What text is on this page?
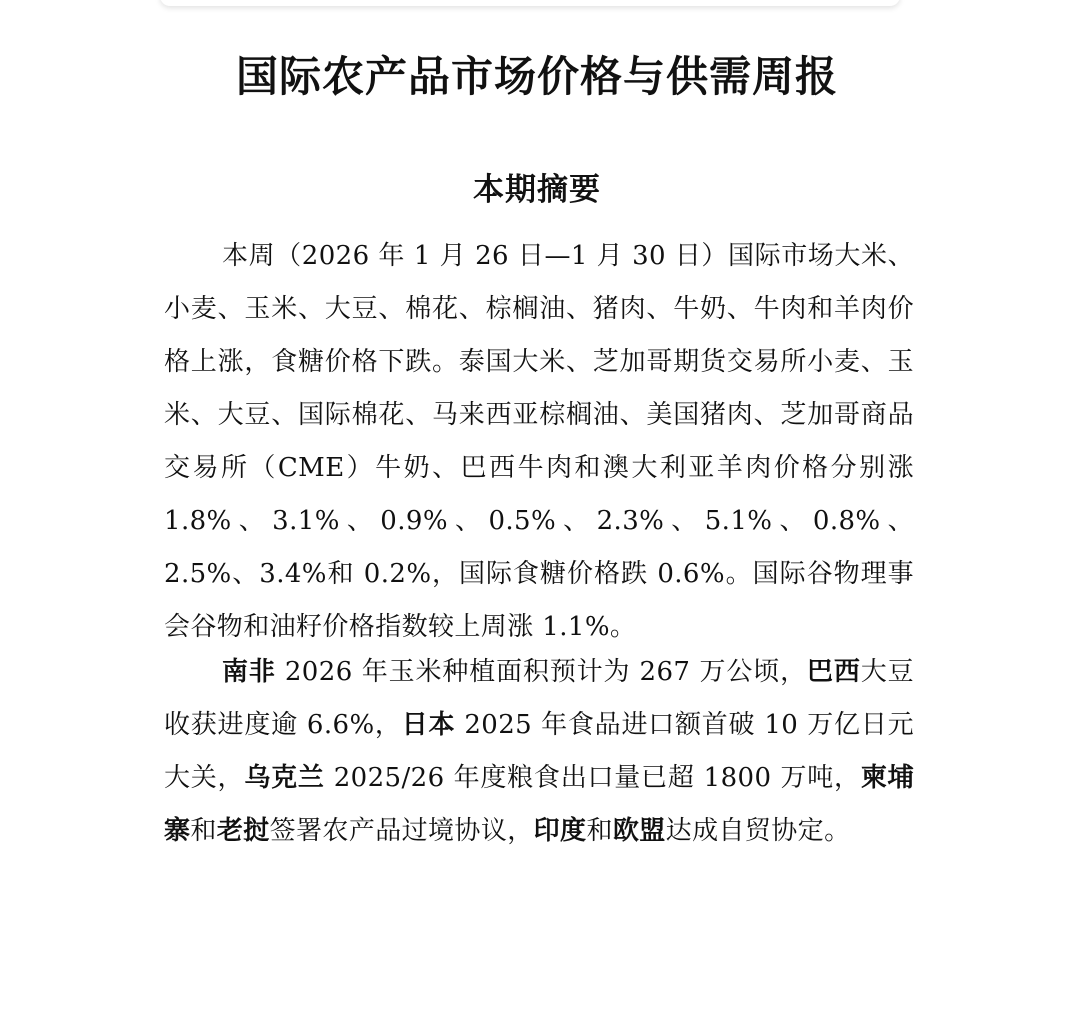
国际农产品市场价格与供需周报
本期摘要
本周（2026 年 1 月 26 日—1 月 30 日）国际市场大米、小麦、玉米、大豆、棉花、棕榈油、猪肉、牛奶、牛肉和羊肉价格上涨，食糖价格下跌。泰国大米、芝加哥期货交易所小麦、玉米、大豆、国际棉花、马来西亚棕榈油、美国猪肉、芝加哥商品交易所（CME）牛奶、巴西牛肉和澳大利亚羊肉价格分别涨 1.8%、3.1%、0.9%、0.5%、2.3%、5.1%、0.8%、2.5%、3.4%和 0.2%，国际食糖价格跌 0.6%。国际谷物理事会谷物和油籽价格指数较上周涨 1.1%。
南非 2026 年玉米种植面积预计为 267 万公顷，巴西大豆收获进度逾 6.6%，日本 2025 年食品进口额首破 10 万亿日元大关，乌克兰 2025/26 年度粮食出口量已超 1800 万吨，柬埔寨和老挝签署农产品过境协议，印度和欧盟达成自贸协定。
